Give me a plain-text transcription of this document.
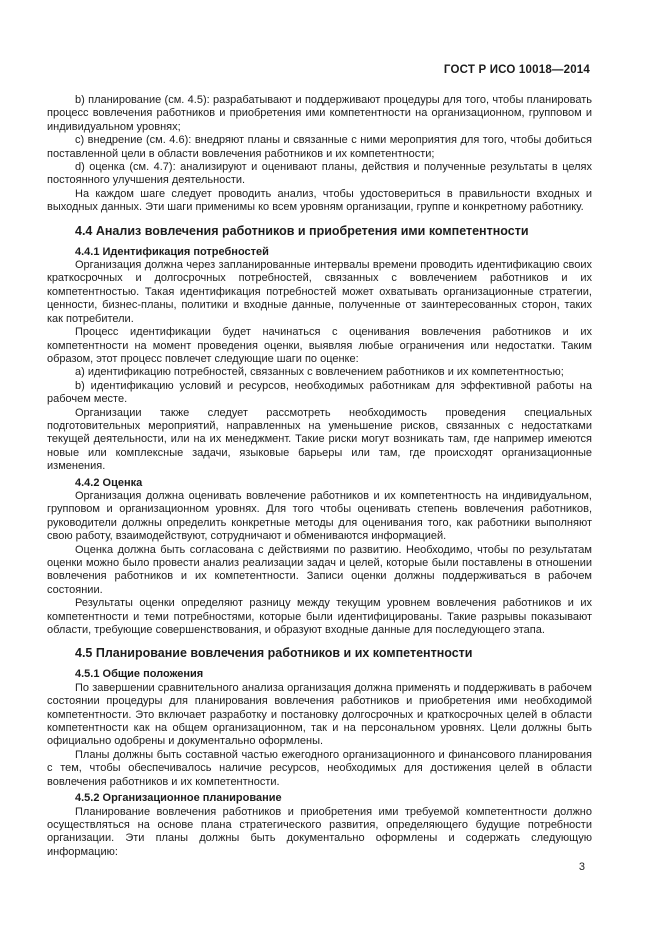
ГОСТ Р ИСО 10018—2014

b) планирование (см. 4.5): разрабатывают и поддерживают процедуры для того, чтобы планировать процесс вовлечения работников и приобретения ими компетентности на организационном, групповом и индивидуальном уровнях;

c) внедрение (см. 4.6): внедряют планы и связанные с ними мероприятия для того, чтобы добиться поставленной цели в области вовлечения работников и их компетентности;

d) оценка (см. 4.7): анализируют и оценивают планы, действия и полученные результаты в целях постоянного улучшения деятельности.

На каждом шаге следует проводить анализ, чтобы удостовериться в правильности входных и выходных данных. Эти шаги применимы ко всем уровням организации, группе и конкретному работнику.

4.4 Анализ вовлечения работников и приобретения ими компетентности
4.4.1 Идентификация потребностей

Организация должна через запланированные интервалы времени проводить идентификацию своих краткосрочных и долгосрочных потребностей, связанных с вовлечением работников и их компетентностью. Такая идентификация потребностей может охватывать организационные стратегии, ценности, бизнес-планы, политики и входные данные, полученные от заинтересованных сторон, таких как потребители.

Процесс идентификации будет начинаться с оценивания вовлечения работников и их компетентности на момент проведения оценки, выявляя любые ограничения или недостатки. Таким образом, этот процесс повлечет следующие шаги по оценке:

a) идентификацию потребностей, связанных с вовлечением работников и их компетентностью;

b) идентификацию условий и ресурсов, необходимых работникам для эффективной работы на рабочем месте.

Организации также следует рассмотреть необходимость проведения специальных подготовительных мероприятий, направленных на уменьшение рисков, связанных с недостатками текущей деятельности, или на их менеджмент. Такие риски могут возникать там, где например имеются новые или комплексные задачи, языковые барьеры или там, где происходят организационные изменения.

4.4.2 Оценка

Организация должна оценивать вовлечение работников и их компетентность на индивидуальном, групповом и организационном уровнях. Для того чтобы оценивать степень вовлечения работников, руководители должны определить конкретные методы для оценивания того, как работники выполняют свою работу, взаимодействуют, сотрудничают и обмениваются информацией.

Оценка должна быть согласована с действиями по развитию. Необходимо, чтобы по результатам оценки можно было провести анализ реализации задач и целей, которые были поставлены в отношении вовлечения работников и их компетентности. Записи оценки должны поддерживаться в рабочем состоянии.

Результаты оценки определяют разницу между текущим уровнем вовлечения работников и их компетентности и теми потребностями, которые были идентифицированы. Такие разрывы показывают области, требующие совершенствования, и образуют входные данные для последующего этапа.

4.5 Планирование вовлечения работников и их компетентности
4.5.1 Общие положения

По завершении сравнительного анализа организация должна применять и поддерживать в рабочем состоянии процедуры для планирования вовлечения работников и приобретения ими необходимой компетентности. Это включает разработку и постановку долгосрочных и краткосрочных целей в области компетентности как на общем организационном, так и на персональном уровнях. Цели должны быть официально одобрены и документально оформлены.

Планы должны быть составной частью ежегодного организационного и финансового планирования с тем, чтобы обеспечивалось наличие ресурсов, необходимых для достижения целей в области вовлечения работников и их компетентности.

4.5.2 Организационное планирование

Планирование вовлечения работников и приобретения ими требуемой компетентности должно осуществляться на основе плана стратегического развития, определяющего будущие потребности организации. Эти планы должны быть документально оформлены и содержать следующую информацию:

3
